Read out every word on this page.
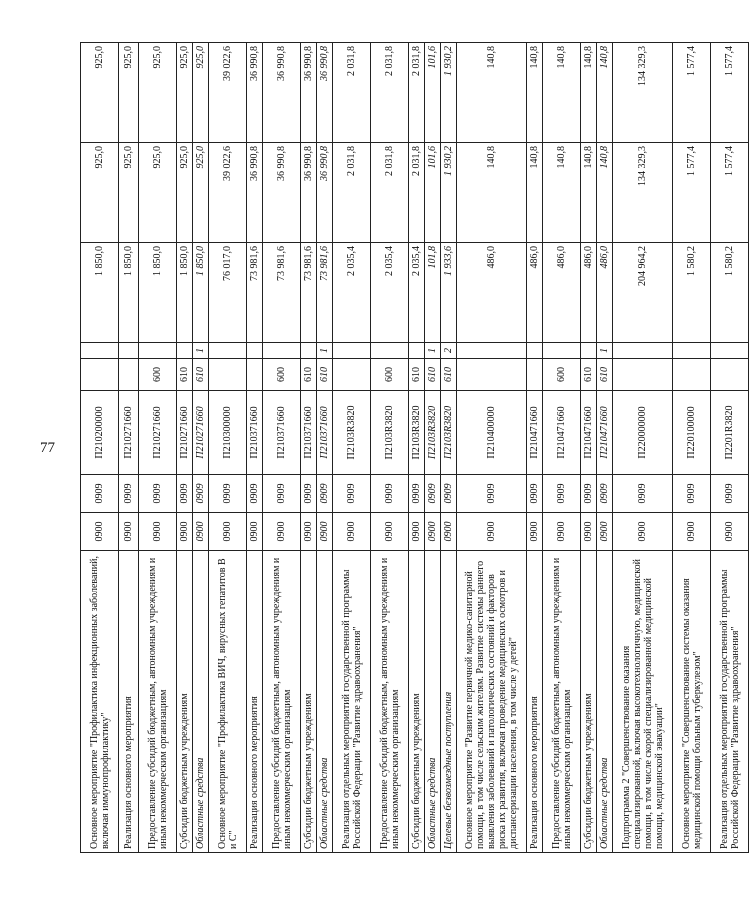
77
Основное мероприятие "Профилактика инфекционных заболеваний, включая иммунопрофилактику"	0900	0909	П210200000			1 850,0	925,0	925,0
Реализация основного мероприятия	0900	0909	П210271660			1 850,0	925,0	925,0
Предоставление субсидий бюджетным, автономным учреждениям и иным некоммерческим организациям	0900	0909	П210271660	600		1 850,0	925,0	925,0
Субсидии бюджетным учреждениям	0900	0909	П210271660	610		1 850,0	925,0	925,0
Областные средства	0900	0909	П210271660	610	1	1 850,0	925,0	925,0
Основное мероприятие "Профилактика ВИЧ, вирусных гепатитов В и С"	0900	0909	П210300000			76 017,0	39 022,6	39 022,6
Реализация основного мероприятия	0900	0909	П210371660			73 981,6	36 990,8	36 990,8
Предоставление субсидий бюджетным, автономным учреждениям и иным некоммерческим организациям	0900	0909	П210371660	600		73 981,6	36 990,8	36 990,8
Субсидии бюджетным учреждениям	0900	0909	П210371660	610		73 981,6	36 990,8	36 990,8
Областные средства	0900	0909	П210371660	610	1	73 981,6	36 990,8	36 990,8
Реализация отдельных мероприятий государственной программы Российской Федерации "Развитие здравоохранения"	0900	0909	П2103R3820			2 035,4	2 031,8	2 031,8
Предоставление субсидий бюджетным, автономным учреждениям и иным некоммерческим организациям	0900	0909	П2103R3820	600		2 035,4	2 031,8	2 031,8
Субсидии бюджетным учреждениям	0900	0909	П2103R3820	610		2 035,4	2 031,8	2 031,8
Областные средства	0900	0909	П2103R3820	610	1	101,8	101,6	101,6
Целевые безвозмездные поступления	0900	0909	П2103R3820	610	2	1 933,6	1 930,2	1 930,2
Основное мероприятие "Развитие первичной медико-санитарной помощи, в том числе сельским жителям. Развитие системы раннего выявления заболеваний и патологических состояний и факторов риска их развития, включая проведение медицинских осмотров и диспансеризации населения, в том числе у детей"	0900	0909	П210400000			486,0	140,8	140,8
Реализация основного мероприятия	0900	0909	П210471660			486,0	140,8	140,8
Предоставление субсидий бюджетным, автономным учреждениям и иным некоммерческим организациям	0900	0909	П210471660	600		486,0	140,8	140,8
Субсидии бюджетным учреждениям	0900	0909	П210471660	610		486,0	140,8	140,8
Областные средства	0900	0909	П210471660	610	1	486,0	140,8	140,8
Подпрограмма 2 "Совершенствование оказания специализированной, включая высокотехнологичную, медицинской помощи, в том числе скорой специализированной медицинской помощи, медицинской эвакуации"	0900	0909	П220000000			204 964,2	134 329,3	134 329,3
Основное мероприятие "Совершенствование системы оказания медицинской помощи больным туберкулезом"	0900	0909	П220100000			1 580,2	1 577,4	1 577,4
Реализация отдельных мероприятий государственной программы Российской Федерации "Развитие здравоохранения"	0900	0909	П2201R3820			1 580,2	1 577,4	1 577,4
